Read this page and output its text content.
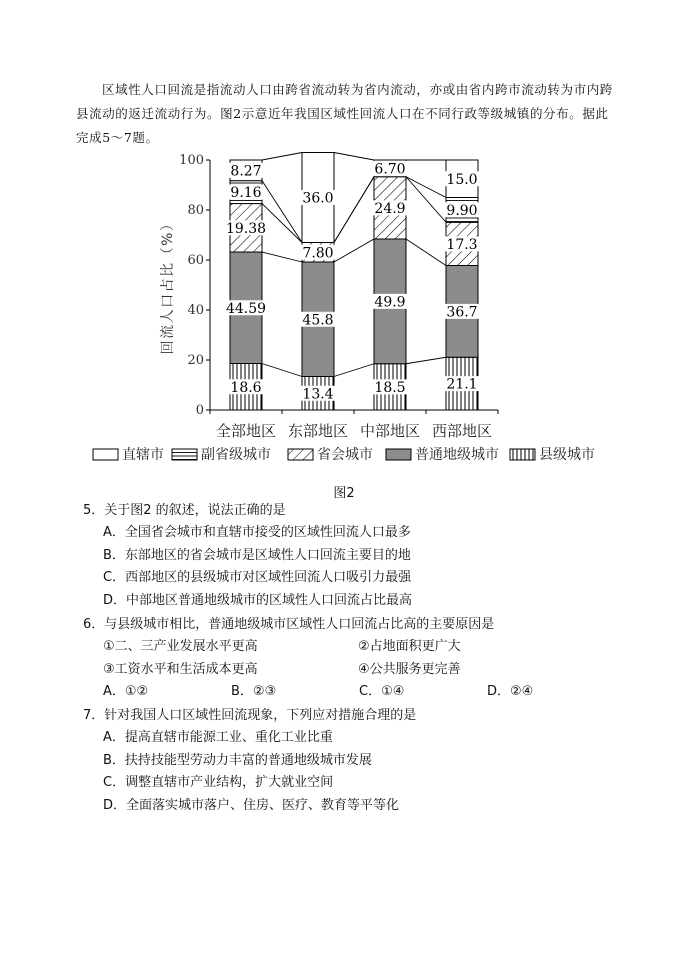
区域性人口回流是指流动人口由跨省流动转为省内流动，亦或由省内跨市流动转为市内跨县流动的返迁流动行为。图2示意近年我国区域性回流人口在不同行政等级城镇的分布。据此完成5～7题。
0
20
40
60
80
100
回流人口占比（%）
18.6
44.59
19.38
9.16
8.27
13.4
45.8
7.80
36.0
18.5
49.9
24.9
6.70
21.1
36.7
17.3
9.90
15.0
全部地区 东部地区 中部地区 西部地区
直辖市	副省级城市	省会城市	普通地级城市	县级城市
图2
5．关于图2 的叙述，说法正确的是
A．全国省会城市和直辖市接受的区域性回流人口最多
B．东部地区的省会城市是区域性人口回流主要目的地
C．西部地区的县级城市对区域性回流人口吸引力最强
D．中部地区普通地级城市的区域性人口回流占比最高
6．与县级城市相比，普通地级城市区域性人口回流占比高的主要原因是
①二、三产业发展水平更高	②占地面积更广大
③工资水平和生活成本更高	④公共服务更完善
A．①②	B．②③	C．①④	D．②④
7．针对我国人口区域性回流现象，下列应对措施合理的是
A．提高直辖市能源工业、重化工业比重
B．扶持技能型劳动力丰富的普通地级城市发展
C．调整直辖市产业结构，扩大就业空间
D．全面落实城市落户、住房、医疗、教育等平等化
